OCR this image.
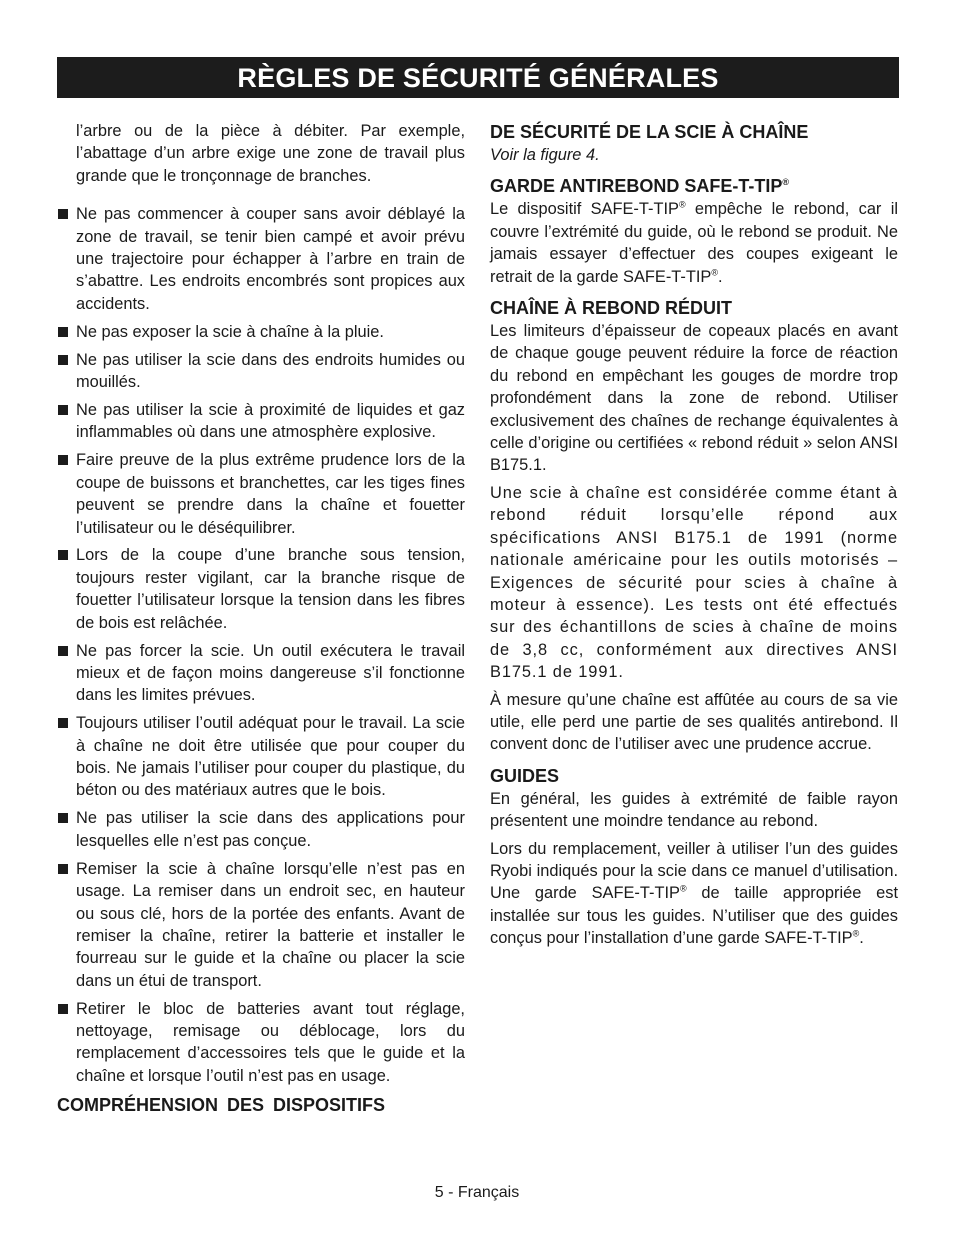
RÈGLES DE SÉCURITÉ GÉNÉRALES

l’arbre ou de la pièce à débiter. Par exemple, l’abattage d’un arbre exige une zone de travail plus grande que le tronçonnage de branches.

Ne pas commencer à couper sans avoir déblayé la zone de travail, se tenir bien campé et avoir prévu une trajectoire pour échapper à l’arbre en train de s’abattre. Les endroits encombrés sont propices aux accidents.
Ne pas exposer la scie à chaîne à la pluie.
Ne pas utiliser la scie dans des endroits humides ou mouillés.
Ne pas utiliser la scie à proximité de liquides et gaz inflammables où dans une atmosphère explosive.
Faire preuve de la plus extrême prudence lors de la coupe de buissons et branchettes, car les tiges fines peuvent se prendre dans la chaîne et fouetter l’utilisateur ou le déséquilibrer.
Lors de la coupe d’une branche sous tension, toujours rester vigilant, car la branche risque de fouetter l’utilisateur lorsque la tension dans les fibres de bois est relâchée.
Ne pas forcer la scie. Un outil exécutera le travail mieux et de façon moins dangereuse s’il fonctionne dans les limites prévues.
Toujours utiliser l’outil adéquat pour le travail. La scie à chaîne ne doit être utilisée que pour couper du bois. Ne jamais l’utiliser pour couper du plastique, du béton ou des matériaux autres que le bois.
Ne pas utiliser la scie dans des applications pour lesquelles elle n’est pas conçue.
Remiser la scie à chaîne lorsqu’elle n’est pas en usage. La remiser dans un endroit sec, en hauteur ou sous clé, hors de la portée des enfants. Avant de remiser la chaîne, retirer la batterie et installer le fourreau sur le guide et la chaîne ou placer la scie dans un étui de transport.
Retirer le bloc de batteries avant tout réglage, nettoyage, remisage ou déblocage, lors du remplacement d’accessoires tels que le guide et la chaîne et lorsque l’outil n’est pas en usage.

COMPRÉHENSION DES DISPOSITIFS

DE SÉCURITÉ DE LA SCIE À CHAÎNE

Voir la figure 4.

GARDE ANTIREBOND SAFE-T-TIP®

Le dispositif SAFE-T-TIP® empêche le rebond, car il couvre l’extrémité du guide, où le rebond se produit. Ne jamais essayer d’effectuer des coupes exigeant le retrait de la garde SAFE-T-TIP®.

CHAÎNE À REBOND RÉDUIT

Les limiteurs d’épaisseur de copeaux placés en avant de chaque gouge peuvent réduire la force de réaction du rebond en empêchant les gouges de mordre trop profondément dans la zone de rebond. Utiliser exclusivement des chaînes de rechange équivalentes à celle d’origine ou certifiées « rebond réduit » selon ANSI B175.1.

Une scie à chaîne est considérée comme étant à rebond réduit lorsqu’elle répond aux spécifications ANSI B175.1 de 1991 (norme nationale américaine pour les outils motorisés – Exigences de sécurité pour scies à chaîne à moteur à essence). Les tests ont été effectués sur des échantillons de scies à chaîne de moins de 3,8 cc, conformément aux directives ANSI B175.1 de 1991.

À mesure qu’une chaîne est affûtée au cours de sa vie utile, elle perd une partie de ses qualités antirebond. Il convent donc de l’utiliser avec une prudence accrue.

GUIDES

En général, les guides à extrémité de faible rayon présentent une moindre tendance au rebond.

Lors du remplacement, veiller à utiliser l’un des guides Ryobi indiqués pour la scie dans ce manuel d’utilisation. Une garde SAFE-T-TIP® de taille appropriée est installée sur tous les guides. N’utiliser que des guides conçus pour l’installation d’une garde SAFE-T-TIP®.

5 - Français
